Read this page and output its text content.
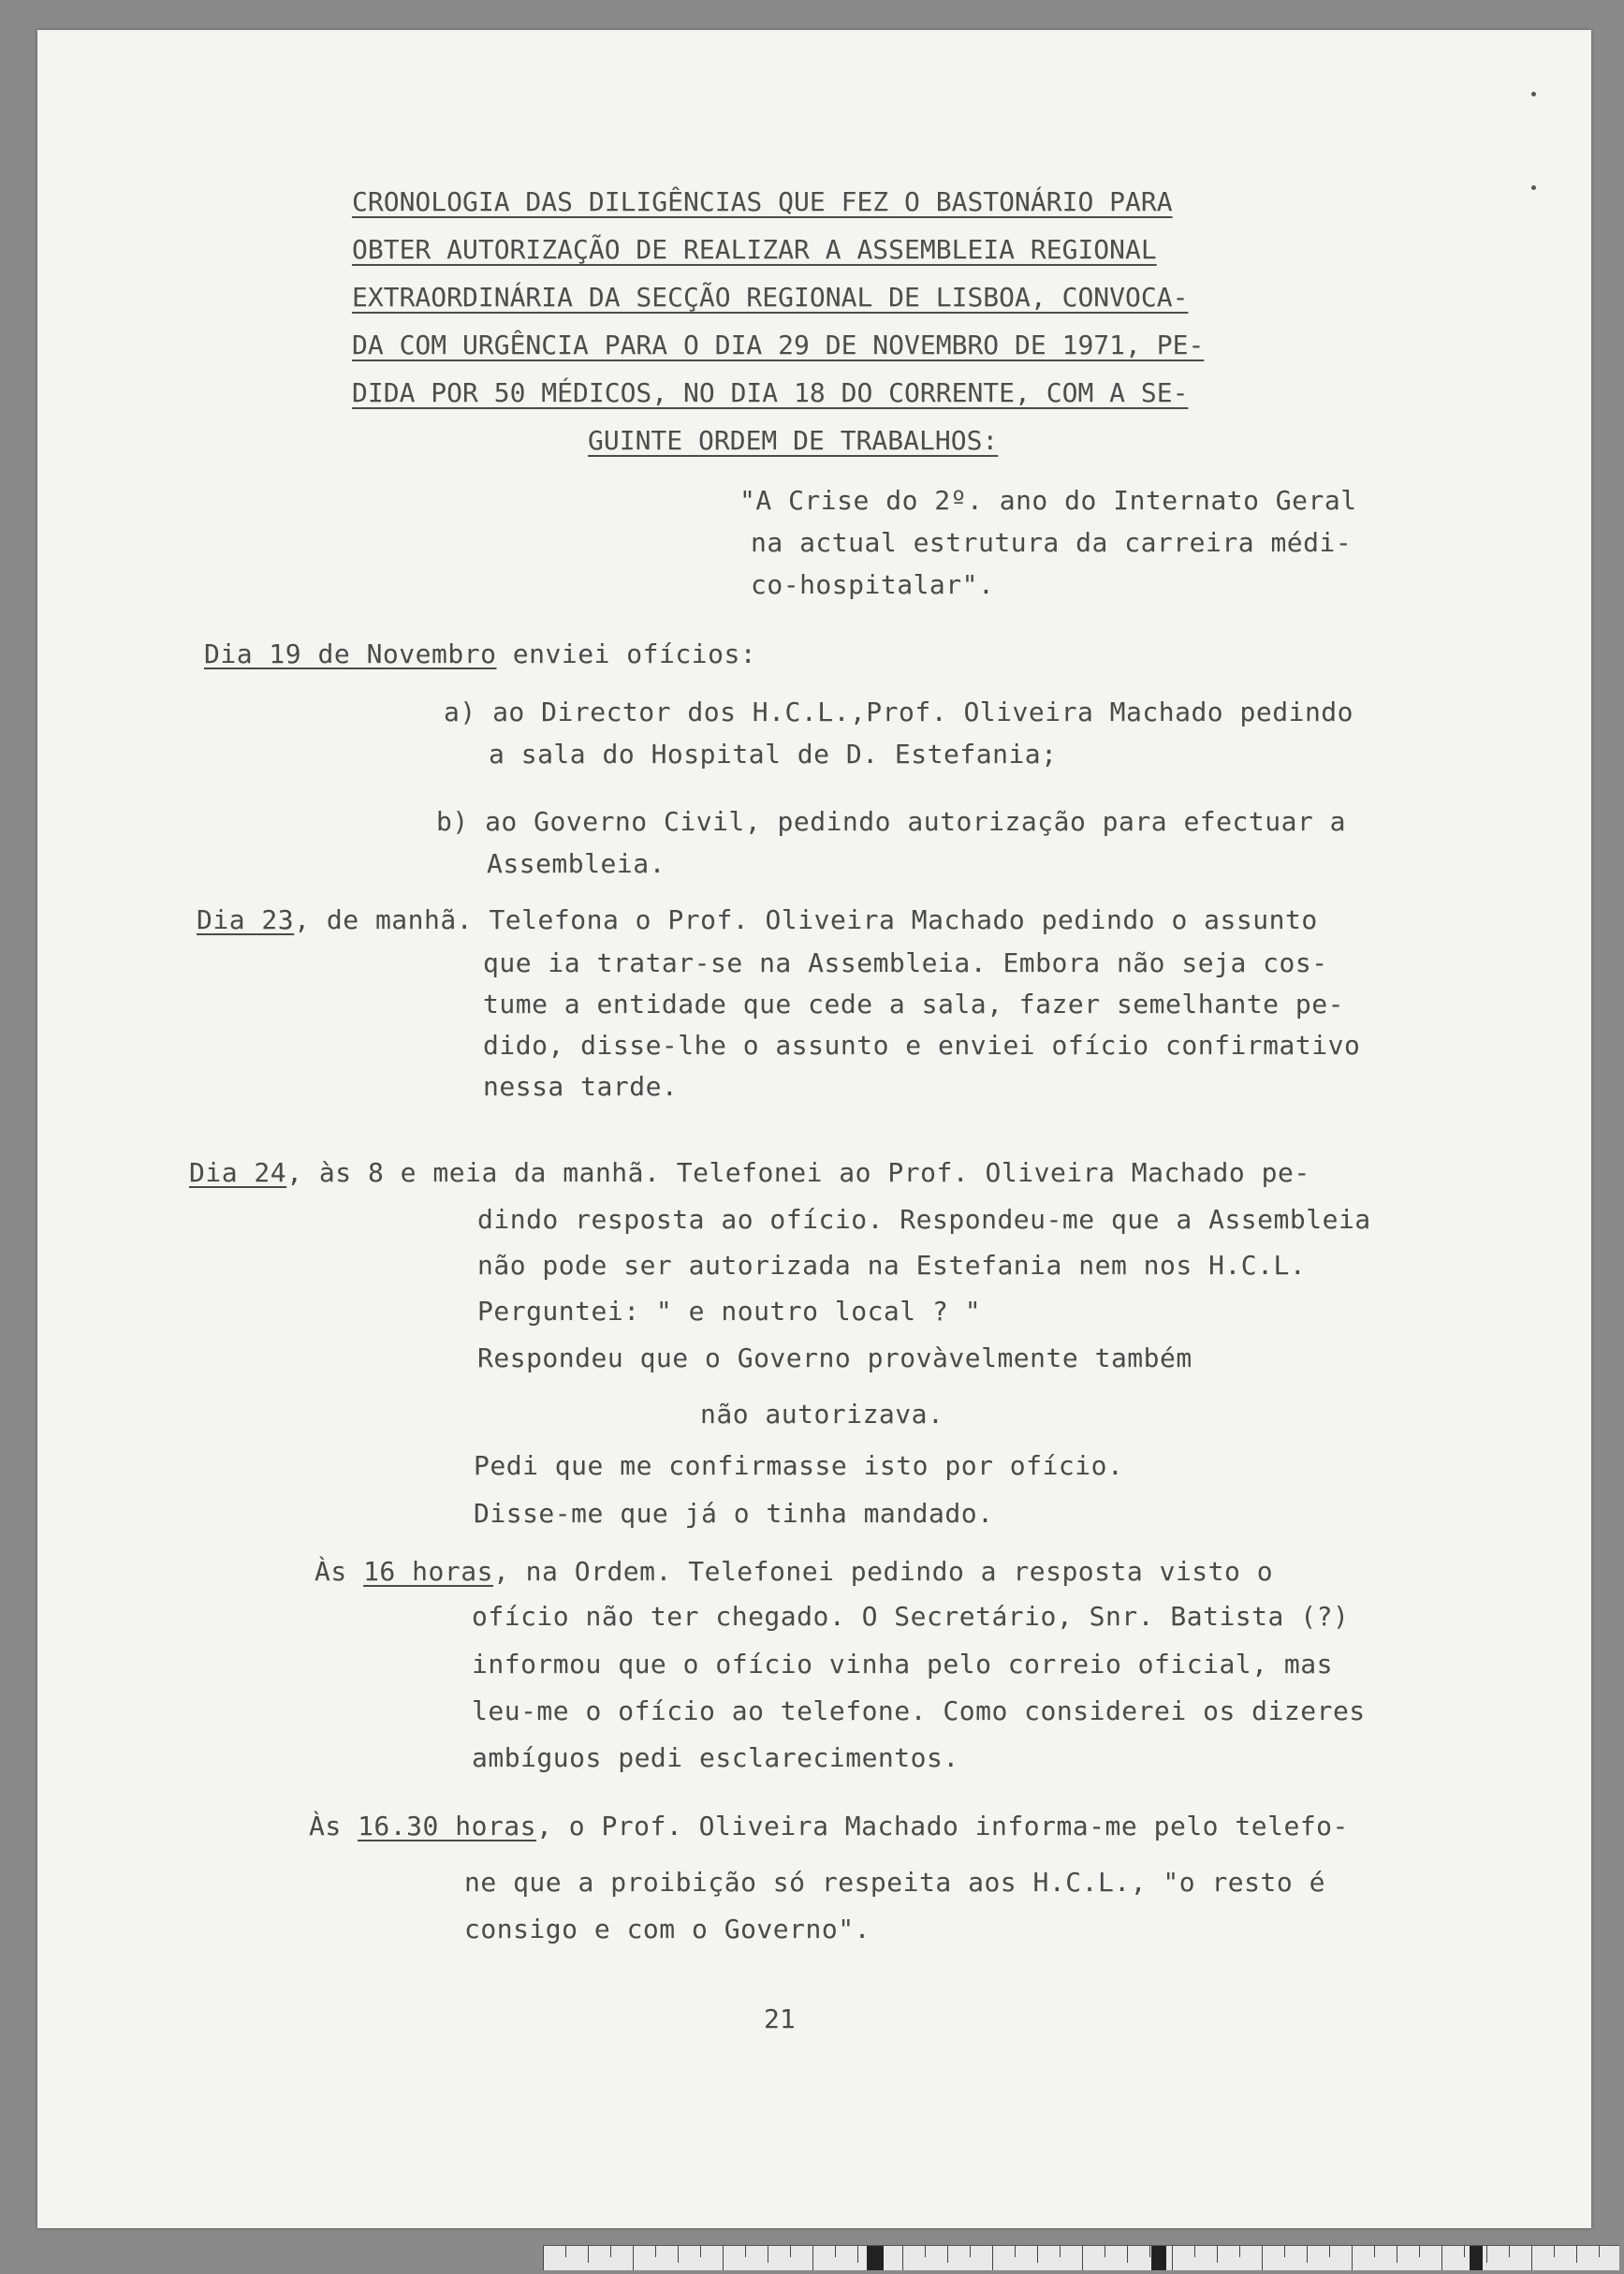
CRONOLOGIA DAS DILIGÊNCIAS QUE FEZ O BASTONÁRIO PARA
OBTER AUTORIZAÇÃO DE REALIZAR A ASSEMBLEIA REGIONAL
EXTRAORDINÁRIA DA SECÇÃO REGIONAL DE LISBOA, CONVOCA-
DA COM URGÊNCIA PARA O DIA 29 DE NOVEMBRO DE 1971, PE-
DIDA POR 50 MÉDICOS, NO DIA 18 DO CORRENTE, COM A SE-
GUINTE ORDEM DE TRABALHOS:
"A Crise do 2º. ano do Internato Geral
na actual estrutura da carreira médi-
co-hospitalar".
Dia 19 de Novembro enviei ofícios:
a) ao Director dos H.C.L.,Prof. Oliveira Machado pedindo
a sala do Hospital de D. Estefania;
b) ao Governo Civil, pedindo autorização para efectuar a
Assembleia.
Dia 23, de manhã. Telefona o Prof. Oliveira Machado pedindo o assunto
que ia tratar-se na Assembleia. Embora não seja cos-
tume a entidade que cede a sala, fazer semelhante pe-
dido, disse-lhe o assunto e enviei ofício confirmativo
nessa tarde.
Dia 24, às 8 e meia da manhã. Telefonei ao Prof. Oliveira Machado pe-
dindo resposta ao ofício. Respondeu-me que a Assembleia
não pode ser autorizada na Estefania nem nos H.C.L.
Perguntei: " e noutro local ? "
Respondeu que o Governo provàvelmente também
não autorizava.
Pedi que me confirmasse isto por ofício.
Disse-me que já o tinha mandado.
Às 16 horas, na Ordem. Telefonei pedindo a resposta visto o
ofício não ter chegado. O Secretário, Snr. Batista (?)
informou que o ofício vinha pelo correio oficial, mas
leu-me o ofício ao telefone. Como considerei os dizeres
ambíguos pedi esclarecimentos.
Às 16.30 horas, o Prof. Oliveira Machado informa-me pelo telefo-
ne que a proibição só respeita aos H.C.L., "o resto é
consigo e com o Governo".
21
